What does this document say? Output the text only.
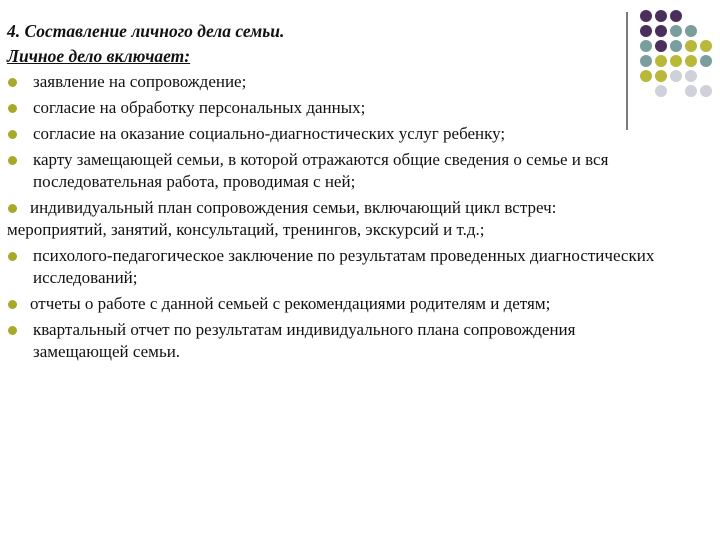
4. Составление личного дела семьи.
Личное дело включает:
заявление на сопровождение;
согласие на обработку персональных данных;
согласие на оказание социально-диагностических услуг ребенку;
карту замещающей семьи, в которой отражаются общие сведения о семье и вся последовательная работа, проводимая с ней;
индивидуальный план сопровождения семьи, включающий цикл встреч: мероприятий, занятий, консультаций, тренингов, экскурсий и т.д.;
психолого-педагогическое заключение по результатам проведенных диагностических исследований;
отчеты о работе с данной семьей с рекомендациями родителям и детям;
квартальный отчет по результатам индивидуального плана сопровождения замещающей семьи.
